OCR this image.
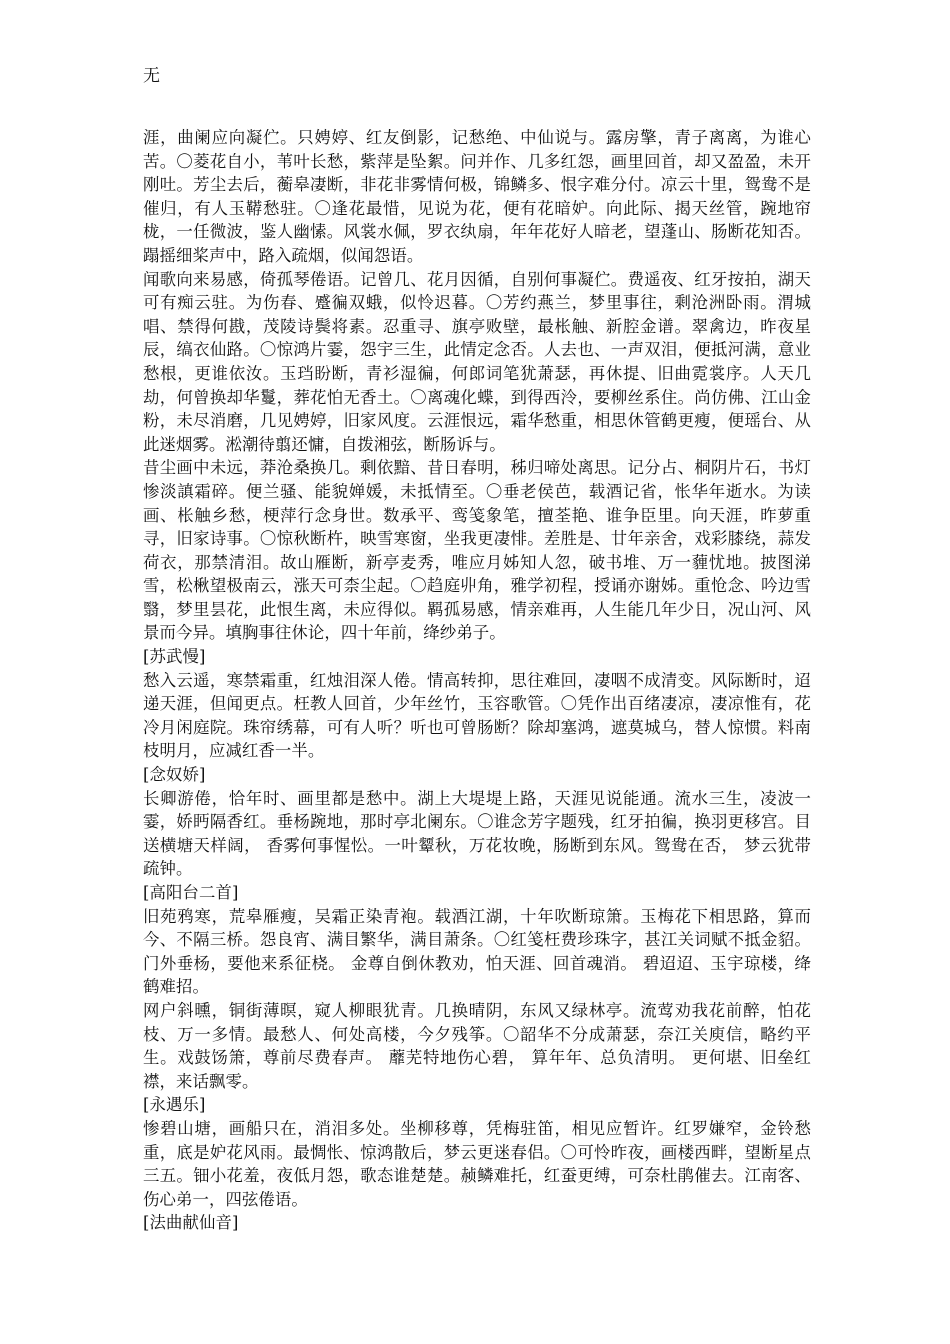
无

涯，曲阑应向凝伫。只娉婷、红友倒影，记愁绝、中仙说与。露房擎，青子离离，为谁心苦。〇菱花自小，苇叶长愁，紫萍是坠絮。问并作、几多红怨，画里回首，却又盈盈，未开刚吐。芳尘去后，蘅皋凄断，非花非雾情何极，锦鳞多、恨字难分付。凉云十里，鸳鸯不是催归，有人玉鞯愁驻。〇逢花最惜，见说为花，便有花暗妒。向此际、揭天丝管，踠地帘栊，一任微波，鉴人幽愫。风裳水佩，罗衣纨扇，年年花好人暗老，望蓬山、肠断花知否。蹋摇细桨声中，路入疏烟，似闻怨语。

闻歌向来易感，倚孤琴倦语。记曾几、花月因循，自别何事凝伫。费遥夜、红牙按拍，湖天可有痴云驻。为伤春、蹙徧双蛾，似怜迟暮。〇芳约燕兰，梦里事往，剩沧洲卧雨。渭城唱、禁得何戡，茂陵诗鬓将素。忍重寻、旗亭败壁，最枨触、新腔金谱。翠禽边，昨夜星辰，缟衣仙路。〇惊鸿片霎，怨宇三生，此情定念否。人去也、一声双泪，便抵河满，意业愁根，更谁依汝。玉珰盼断，青衫湿徧，何郎词笔犹萧瑟，再休提、旧曲霓裳序。人天几劫，何曾换却华鬘，葬花怕无香土。〇离魂化蝶，到得西泠，要柳丝系住。尚仿佛、江山金粉，未尽消磨，几见娉婷，旧家风度。云涯恨远，霜华愁重，相思休管鹤更瘦，便瑶台、从此迷烟雾。淞潮待翦还慵，自拨湘弦，断肠诉与。

昔尘画中未远，莽沧桑换几。剩依黯、昔日春明，秭归啼处离思。记分占、桐阴片石，书灯惨淡謓霜碎。便兰骚、能貌婵媛，未抵情至。〇垂老侯芭，载酒记省，怅华年逝水。为读画、枨触乡愁，梗萍行念身世。数承平、鸾笺象笔，擅荃艳、谁争臣里。向天涯，昨萝重寻，旧家诗事。〇惊秋断杵，映雪寒窗，坐我更凄悱。差胜是、廿年亲舍，戏彩膝绕，蒜发荷衣，那禁清泪。故山雁断，新亭麦秀，唯应月姊知人忽，破书堆、万一薶忧地。披图涕雪，松楸望极南云，涨天可柰尘起。〇趋庭丱角，雅学初程，授诵亦谢姊。重怆念、吟边雪翳，梦里昙花，此恨生离，未应得似。羁孤易感，情亲难再，人生能几年少日，况山河、风景而今异。填胸事往休论，四十年前，绛纱弟子。

[苏武慢]

愁入云遥，寒禁霜重，红烛泪深人倦。情高转抑，思往难回，凄咽不成清变。风际断时，迢递天涯，但闻更点。枉教人回首，少年丝竹，玉容歌管。〇凭作出百绪凄凉，凄凉惟有，花冷月闲庭院。珠帘绣幕，可有人听？听也可曾肠断？除却塞鸿，遮莫城乌，替人惊惯。料南枝明月，应减红香一半。

[念奴娇]

长卿游倦，恰年时、画里都是愁中。湖上大堤堤上路，天涯见说能通。流水三生，凌波一霎，娇眄隔香红。垂杨踠地，那时亭北阑东。〇谁念芳字题残，红牙拍徧，换羽更移宫。目送横塘天样阔， 香雾何事惺忪。一叶颦秋，万花妆晚，肠断到东风。鸳鸯在否， 梦云犹带疏钟。

[高阳台二首]

旧苑鸦寒，荒皋雁瘦，吴霜正染青袍。载酒江湖，十年吹断琼箫。玉梅花下相思路，算而今、不隔三桥。怨良宵、满目繁华，满目萧条。〇红笺枉费珍珠字，甚江关词赋不抵金貂。门外垂杨，要他来系征桡。 金尊自倒休教劝，怕天涯、回首魂消。 碧迢迢、玉宇琼楼，绛鹤难招。

网户斜曛，铜街薄暝，窥人柳眼犹青。几换晴阴，东风又绿林亭。流莺劝我花前醉，怕花枝、万一多情。最愁人、何处高楼，今夕残筝。〇韶华不分成萧瑟，奈江关庾信，略约平生。戏鼓饧箫，尊前尽费春声。 蘼芜特地伤心碧， 算年年、总负清明。 更何堪、旧垒红襟，来话飘零。

[永遇乐]

惨碧山塘，画船只在，消泪多处。坐柳移尊，凭梅驻笛，相见应暂许。红罗嫌窄，金铃愁重，底是妒花风雨。最惆怅、惊鸿散后，梦云更迷春侣。〇可怜昨夜，画楼西畔，望断星点三五。钿小花羞，夜低月怨，歌态谁楚楚。赪鳞难托，红蚕更缚，可奈杜鹃催去。江南客、伤心弟一，四弦倦语。

[法曲献仙音]
